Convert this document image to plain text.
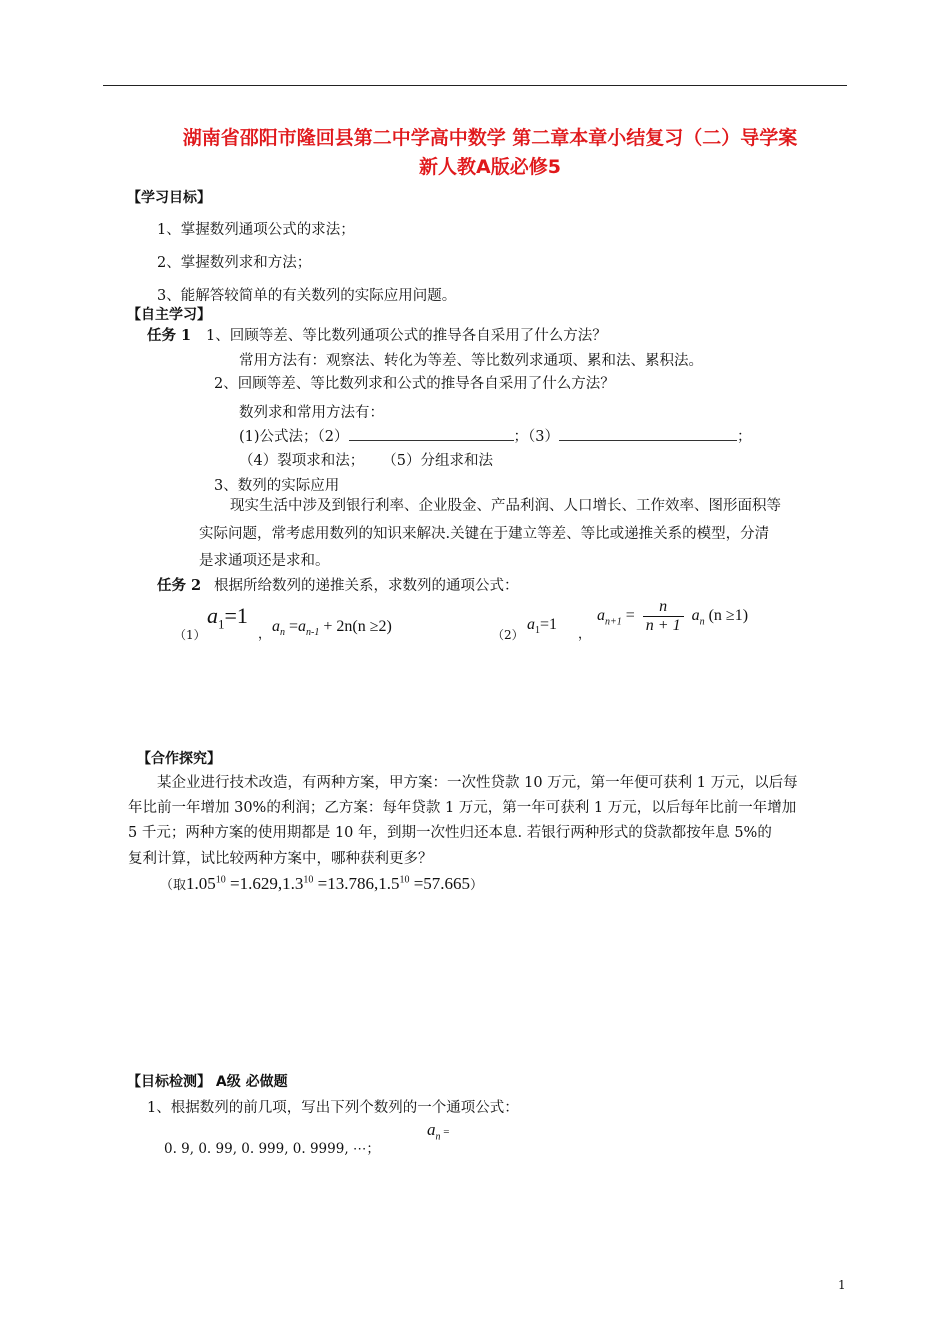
湖南省邵阳市隆回县第二中学高中数学 第二章本章小结复习（二）导学案
新人教A版必修5
【学习目标】
1、掌握数列通项公式的求法；
2、掌握数列求和方法；
3、能解答较简单的有关数列的实际应用问题。
【自主学习】
任务 1 1、回顾等差、等比数列通项公式的推导各自采用了什么方法？
常用方法有：观察法、转化为等差、等比数列求通项、累和法、累积法。
2、回顾等差、等比数列求和公式的推导各自采用了什么方法？
数列求和常用方法有：
(1)公式法；（2）	；（3）	；
（4）裂项求和法； （5）分组求和法
3、数列的实际应用
现实生活中涉及到银行利率、企业股金、产品利润、人口增长、工作效率、图形面积等
实际问题，常考虑用数列的知识来解决.关键在于建立等差、等比或递推关系的模型，分清
是求通项还是求和。
任务 2 根据所给数列的递推关系，求数列的通项公式：
（1）
$a_1=1$
， $a_n =a_{n-1} + 2n(n \ge 2)$	（2）
$a_1=1$
，
$a_{n+1} = \frac{n}{n + 1} a_n$ (n ≥1)
【合作探究】
某企业进行技术改造，有两种方案，甲方案：一次性贷款 10 万元，第一年便可获利 1 万元，以后每
年比前一年增加 30%的利润；乙方案：每年贷款 1 万元，第一年可获利 1 万元，以后每年比前一年增加
5 千元；两种方案的使用期都是 10 年，到期一次性归还本息. 若银行两种形式的贷款都按年息 5%的
复利计算，试比较两种方案中，哪种获利更多？
（取$1.05^{10} =1.629,1.3^{10} =13.786,1.5^{10} =57.665$）
【目标检测】 A级 必做题
1、根据数列的前几项，写出下列个数列的一个通项公式：
0. 9, 0. 99, 0. 999, 0. 9999, ⋯；
$a_n$ =
1
